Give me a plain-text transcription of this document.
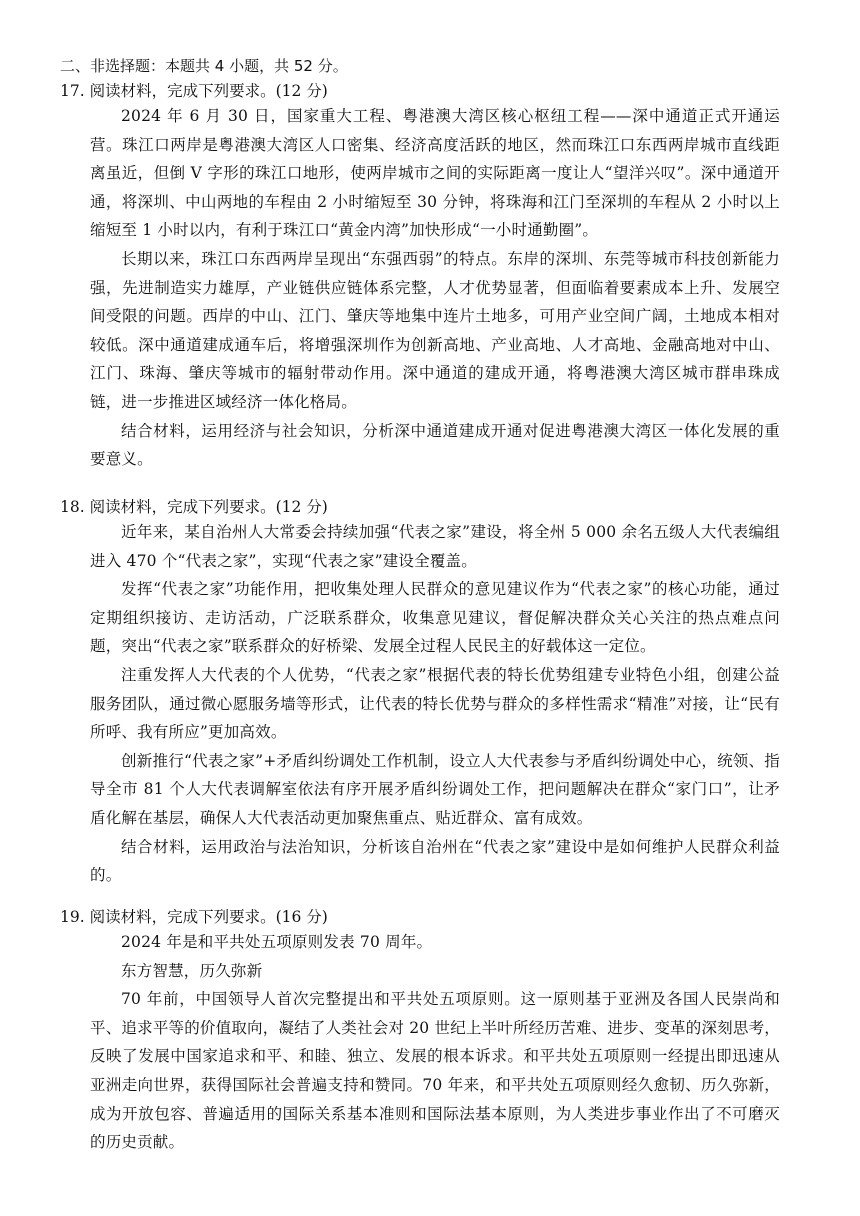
二、非选择题：本题共 4 小题，共 52 分。
17. 阅读材料，完成下列要求。(12 分)

2024 年 6 月 30 日，国家重大工程、粤港澳大湾区核心枢纽工程——深中通道正式开通运营。珠江口两岸是粤港澳大湾区人口密集、经济高度活跃的地区，然而珠江口东西两岸城市直线距离虽近，但倒 V 字形的珠江口地形，使两岸城市之间的实际距离一度让人“望洋兴叹”。深中通道开通，将深圳、中山两地的车程由 2 小时缩短至 30 分钟，将珠海和江门至深圳的车程从 2 小时以上缩短至 1 小时以内，有利于珠江口“黄金内湾”加快形成“一小时通勤圈”。

长期以来，珠江口东西两岸呈现出“东强西弱”的特点。东岸的深圳、东莞等城市科技创新能力强，先进制造实力雄厚，产业链供应链体系完整，人才优势显著，但面临着要素成本上升、发展空间受限的问题。西岸的中山、江门、肇庆等地集中连片土地多，可用产业空间广阔，土地成本相对较低。深中通道建成通车后，将增强深圳作为创新高地、产业高地、人才高地、金融高地对中山、江门、珠海、肇庆等城市的辐射带动作用。深中通道的建成开通，将粤港澳大湾区城市群串珠成链，进一步推进区域经济一体化格局。

结合材料，运用经济与社会知识，分析深中通道建成开通对促进粤港澳大湾区一体化发展的重要意义。

18. 阅读材料，完成下列要求。(12 分)

近年来，某自治州人大常委会持续加强“代表之家”建设，将全州 5 000 余名五级人大代表编组进入 470 个“代表之家”，实现“代表之家”建设全覆盖。

发挥“代表之家”功能作用，把收集处理人民群众的意见建议作为“代表之家”的核心功能，通过定期组织接访、走访活动，广泛联系群众，收集意见建议，督促解决群众关心关注的热点难点问题，突出“代表之家”联系群众的好桥梁、发展全过程人民民主的好载体这一定位。

注重发挥人大代表的个人优势，“代表之家”根据代表的特长优势组建专业特色小组，创建公益服务团队，通过微心愿服务墙等形式，让代表的特长优势与群众的多样性需求“精准”对接，让“民有所呼、我有所应”更加高效。

创新推行“代表之家”+矛盾纠纷调处工作机制，设立人大代表参与矛盾纠纷调处中心，统领、指导全市 81 个人大代表调解室依法有序开展矛盾纠纷调处工作，把问题解决在群众“家门口”，让矛盾化解在基层，确保人大代表活动更加聚焦重点、贴近群众、富有成效。

结合材料，运用政治与法治知识，分析该自治州在“代表之家”建设中是如何维护人民群众利益的。

19. 阅读材料，完成下列要求。(16 分)

2024 年是和平共处五项原则发表 70 周年。

东方智慧，历久弥新

70 年前，中国领导人首次完整提出和平共处五项原则。这一原则基于亚洲及各国人民崇尚和平、追求平等的价值取向，凝结了人类社会对 20 世纪上半叶所经历苦难、进步、变革的深刻思考，反映了发展中国家追求和平、和睦、独立、发展的根本诉求。和平共处五项原则一经提出即迅速从亚洲走向世界，获得国际社会普遍支持和赞同。70 年来，和平共处五项原则经久愈韧、历久弥新，成为开放包容、普遍适用的国际关系基本准则和国际法基本原则，为人类进步事业作出了不可磨灭的历史贡献。
